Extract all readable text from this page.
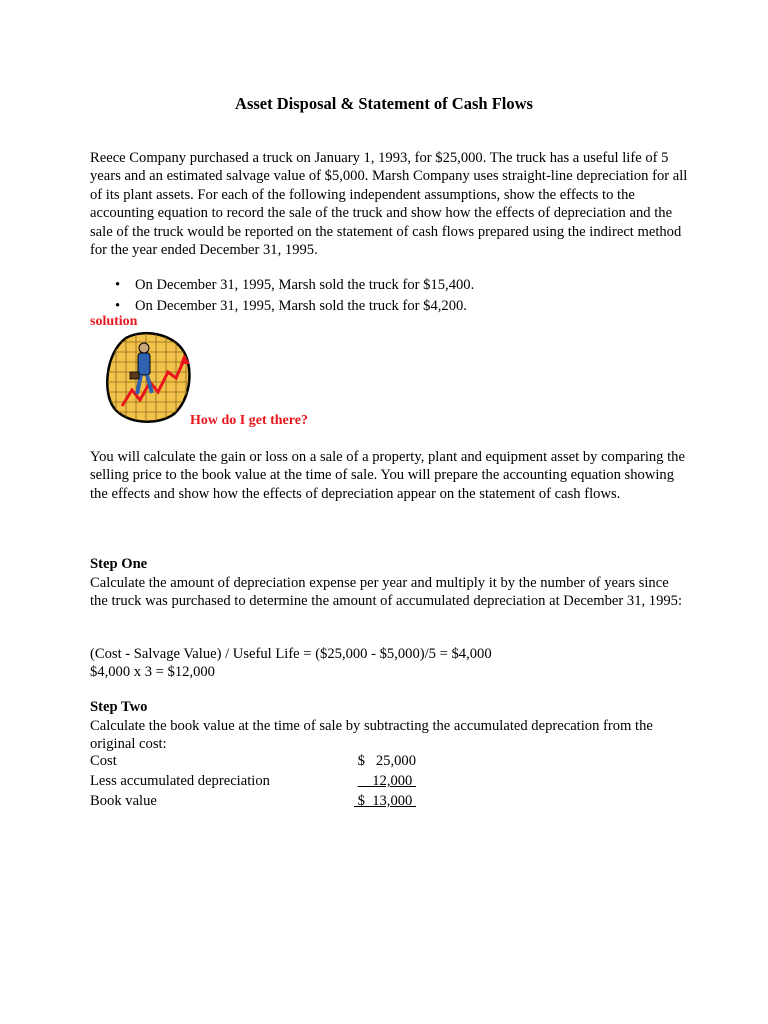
Asset Disposal & Statement of Cash Flows
Reece Company purchased a truck on January 1, 1993, for $25,000. The truck has a useful life of 5 years and an estimated salvage value of $5,000. Marsh Company uses straight-line depreciation for all of its plant assets. For each of the following independent assumptions, show the effects to the accounting equation to record the sale of the truck and show how the effects of depreciation and the sale of the truck would be reported on the statement of cash flows prepared using the indirect method for the year ended December 31, 1995.
• On December 31, 1995, Marsh sold the truck for $15,400.
• On December 31, 1995, Marsh sold the truck for $4,200.
solution
How do I get there?
You will calculate the gain or loss on a sale of a property, plant and equipment asset by comparing the selling price to the book value at the time of sale. You will prepare the accounting equation showing the effects and show how the effects of depreciation appear on the statement of cash flows.
Step One
Calculate the amount of depreciation expense per year and multiply it by the number of years since the truck was purchased to determine the amount of accumulated depreciation at December 31, 1995:
(Cost - Salvage Value) / Useful Life = ($25,000 - $5,000)/5 = $4,000
$4,000 x 3 = $12,000
Step Two
Calculate the book value at the time of sale by subtracting the accumulated deprecation from the original cost:
Cost	$   25,000
Less accumulated depreciation	12,000
Book value	$  13,000
